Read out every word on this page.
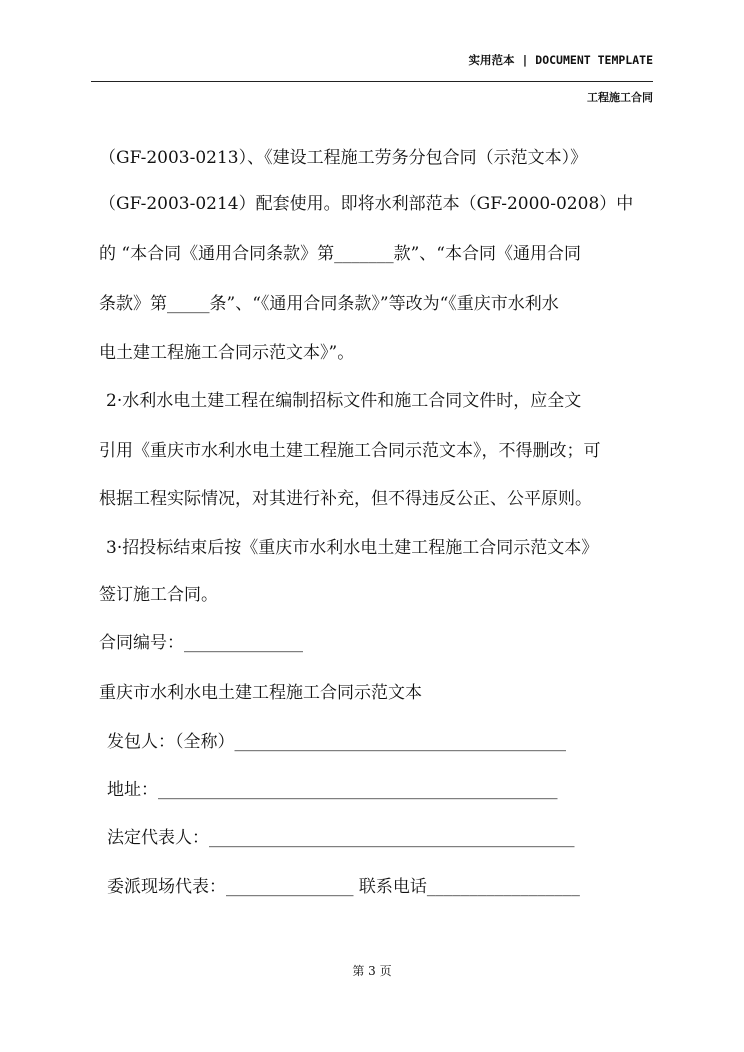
实用范本 | DOCUMENT TEMPLATE
工程施工合同
（GF-2003-0213）、《建设工程施工劳务分包合同（示范文本）》
（GF-2003-0214）配套使用。即将水利部范本（GF-2000-0208）中
的 “本合同《通用合同条款》第_______款”、“本合同《通用合同
条款》第_____条”、“《通用合同条款》”等改为“《重庆市水利水
电土建工程施工合同示范文本》”。
2·水利水电土建工程在编制招标文件和施工合同文件时，应全文
引用《重庆市水利水电土建工程施工合同示范文本》，不得删改；可
根据工程实际情况，对其进行补充，但不得违反公正、公平原则。
3·招投标结束后按《重庆市水利水电土建工程施工合同示范文本》
签订施工合同。
合同编号：______________
重庆市水利水电土建工程施工合同示范文本
发包人：（全称）_______________________________________
地址：_______________________________________________
法定代表人：___________________________________________
委派现场代表：_______________ 联系电话__________________
第 3 页
